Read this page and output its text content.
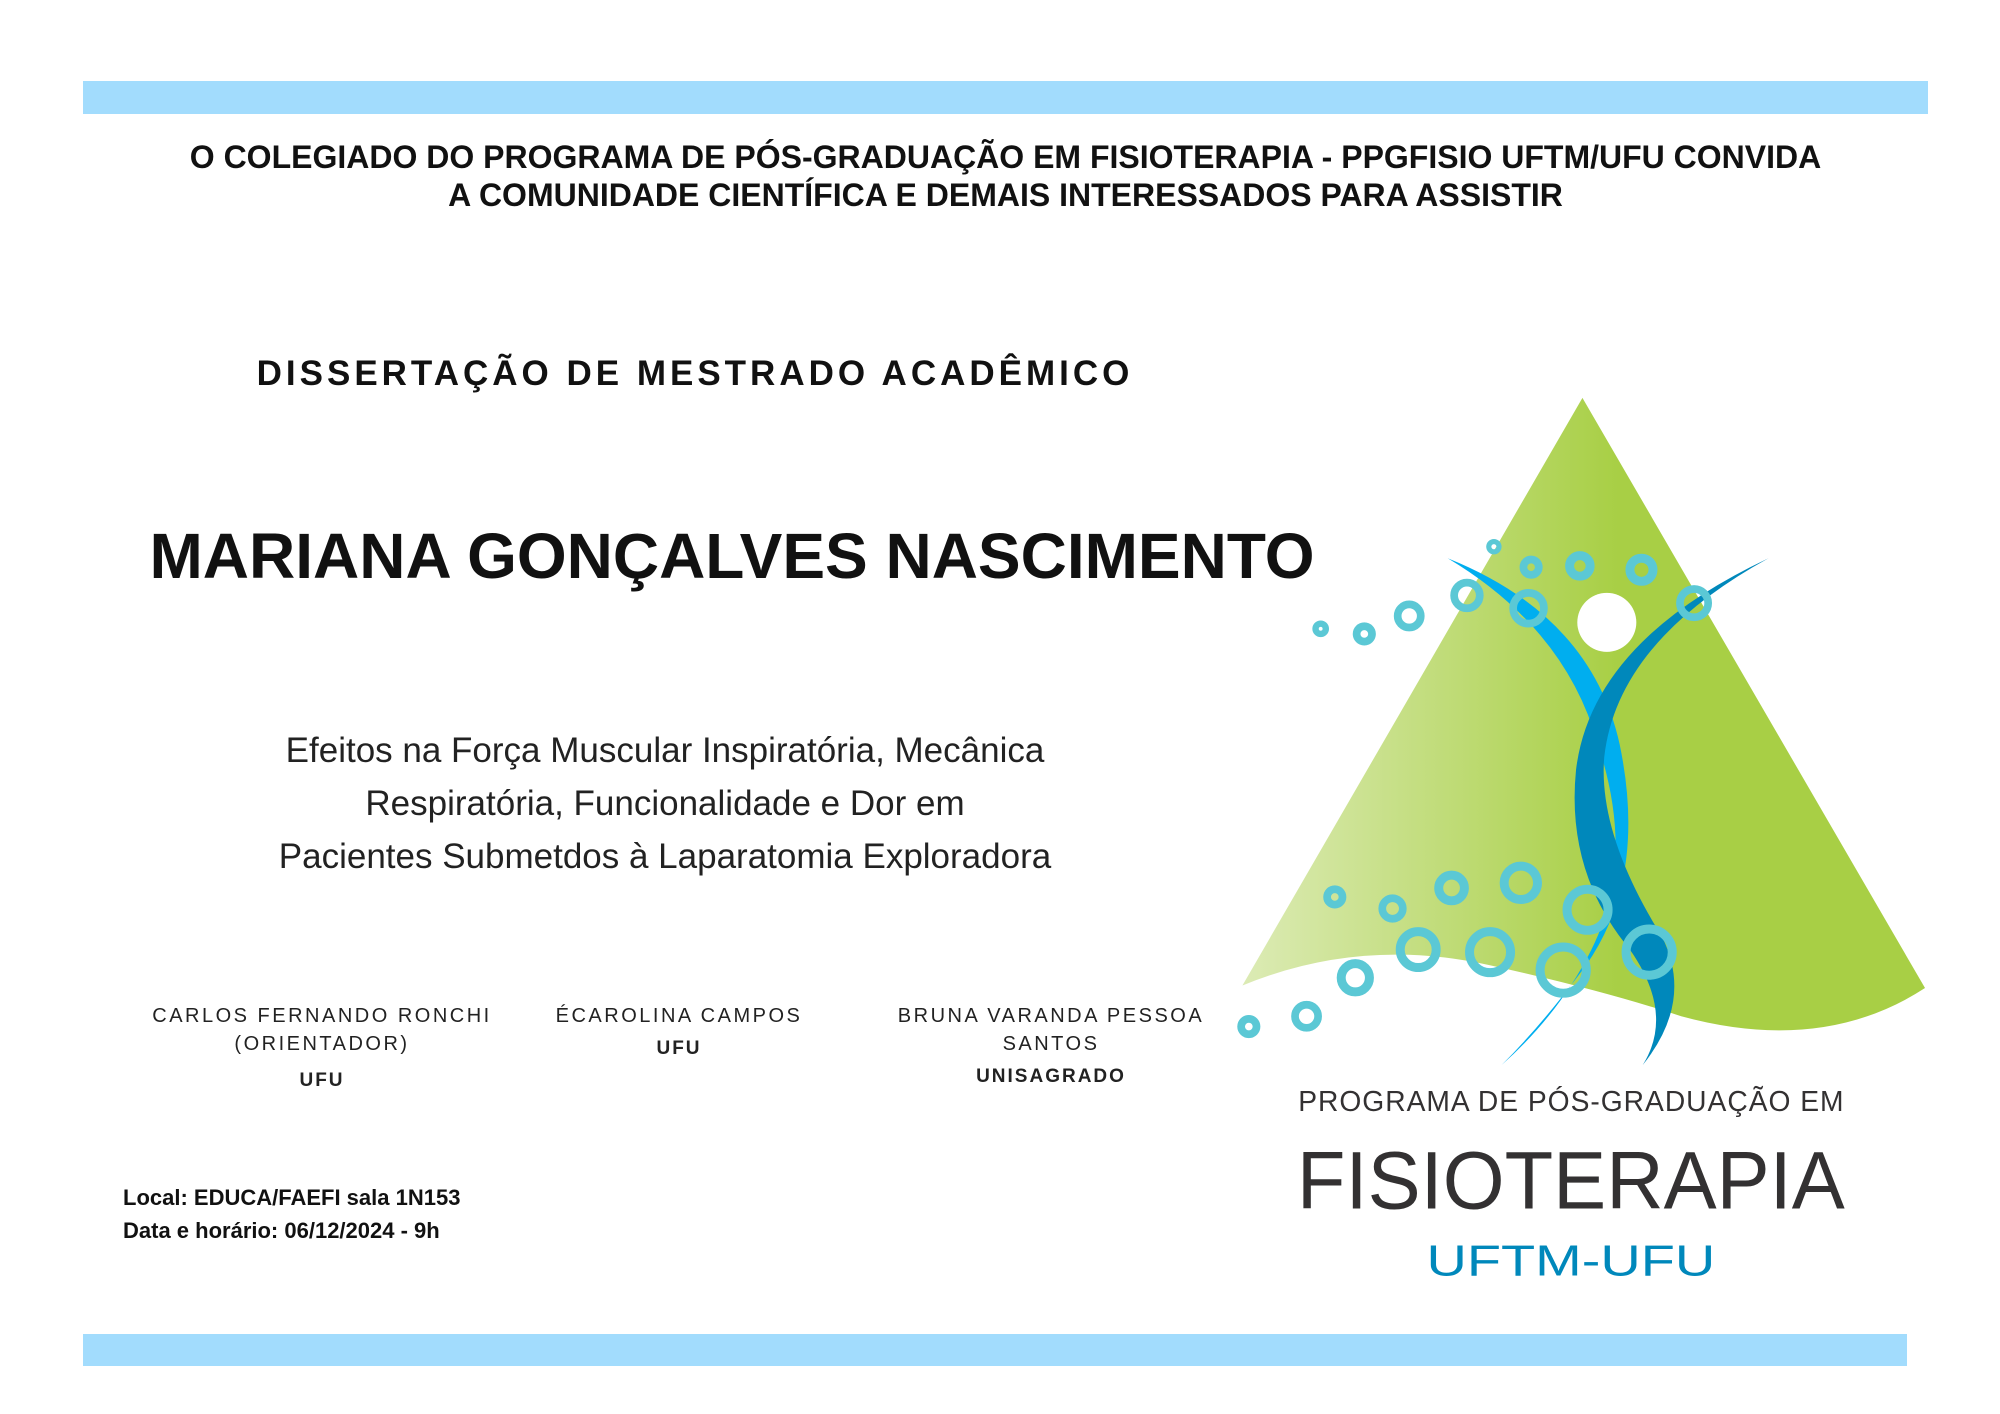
O COLEGIADO DO PROGRAMA DE PÓS-GRADUAÇÃO EM FISIOTERAPIA - PPGFISIO UFTM/UFU CONVIDA
A COMUNIDADE CIENTÍFICA E DEMAIS INTERESSADOS PARA ASSISTIR
DISSERTAÇÃO DE MESTRADO ACADÊMICO
MARIANA GONÇALVES NASCIMENTO
Efeitos na Força Muscular Inspiratória, Mecânica
Respiratória, Funcionalidade e Dor em
Pacientes Submetdos à Laparatomia Exploradora
CARLOS FERNANDO RONCHI
(ORIENTADOR)
UFU
ÉCAROLINA CAMPOS
UFU
BRUNA VARANDA PESSOA
SANTOS
UNISAGRADO
Local: EDUCA/FAEFI sala 1N153
Data e horário: 06/12/2024 - 9h
PROGRAMA DE PÓS-GRADUAÇÃO EM
FISIOTERAPIA
UFTM-UFU
